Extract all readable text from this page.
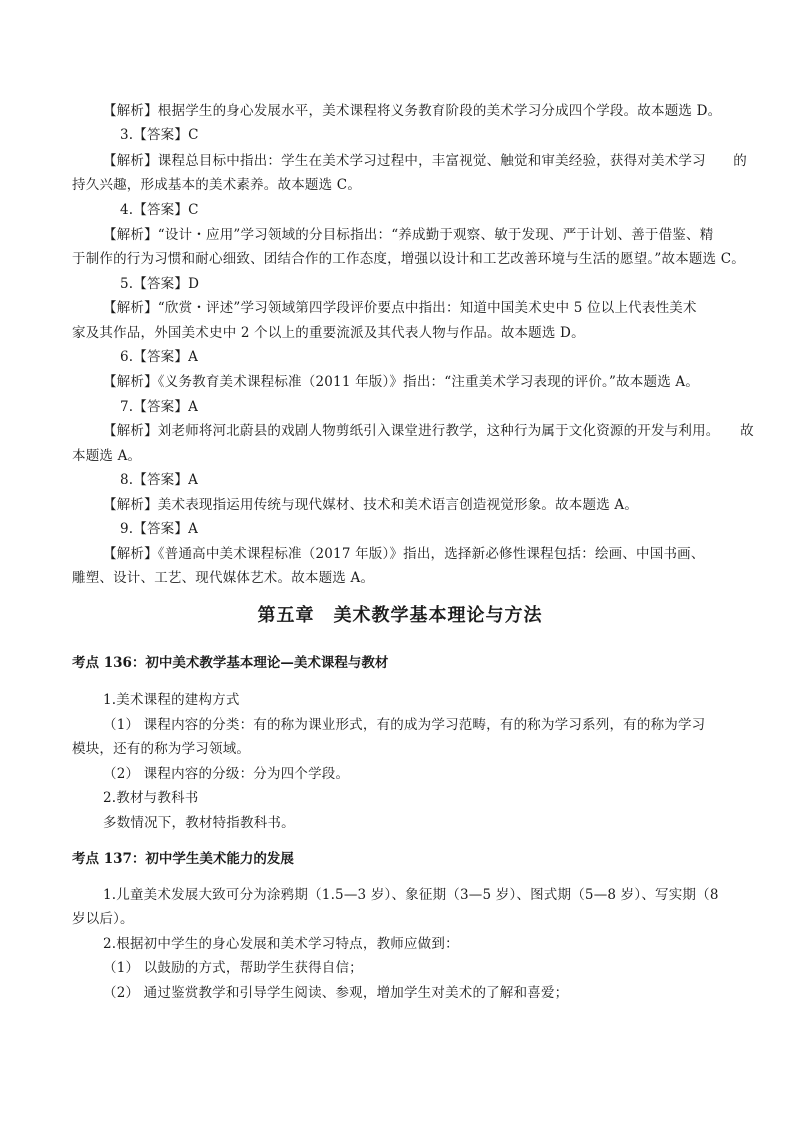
【解析】根据学生的身心发展水平，美术课程将义务教育阶段的美术学习分成四个学段。故本题选 D。
3.【答案】C
【解析】课程总目标中指出：学生在美术学习过程中，丰富视觉、触觉和审美经验，获得对美术学习　　的
持久兴趣，形成基本的美术素养。故本题选 C。
4.【答案】C
【解析】“设计・应用”学习领域的分目标指出：“养成勤于观察、敏于发现、严于计划、善于借鉴、精
于制作的行为习惯和耐心细致、团结合作的工作态度，增强以设计和工艺改善环境与生活的愿望。”故本题选 C。
5.【答案】D
【解析】“欣赏・评述”学习领域第四学段评价要点中指出：知道中国美术史中 5 位以上代表性美术
家及其作品，外国美术史中 2 个以上的重要流派及其代表人物与作品。故本题选 D。
6.【答案】A
【解析】《义务教育美术课程标准（2011 年版）》指出：“注重美术学习表现的评价。”故本题选 A。
7.【答案】A
【解析】刘老师将河北蔚县的戏剧人物剪纸引入课堂进行教学，这种行为属于文化资源的开发与利用。　　故
本题选 A。
8.【答案】A
【解析】美术表现指运用传统与现代媒材、技术和美术语言创造视觉形象。故本题选 A。
9.【答案】A
【解析】《普通高中美术课程标准（2017 年版）》指出，选择新必修性课程包括：绘画、中国书画、
雕塑、设计、工艺、现代媒体艺术。故本题选 A。
第五章　美术教学基本理论与方法
考点 136：初中美术教学基本理论—美术课程与教材
1.美术课程的建构方式
（1） 课程内容的分类：有的称为课业形式，有的成为学习范畴，有的称为学习系列，有的称为学习
模块，还有的称为学习领域。
（2） 课程内容的分级：分为四个学段。
2.教材与教科书
多数情况下，教材特指教科书。
考点 137：初中学生美术能力的发展
1.儿童美术发展大致可分为涂鸦期（1.5—3 岁）、象征期（3—5 岁）、图式期（5—8 岁）、写实期（8
岁以后）。
2.根据初中学生的身心发展和美术学习特点，教师应做到：
（1） 以鼓励的方式，帮助学生获得自信；
（2） 通过鉴赏教学和引导学生阅读、参观，增加学生对美术的了解和喜爱；
